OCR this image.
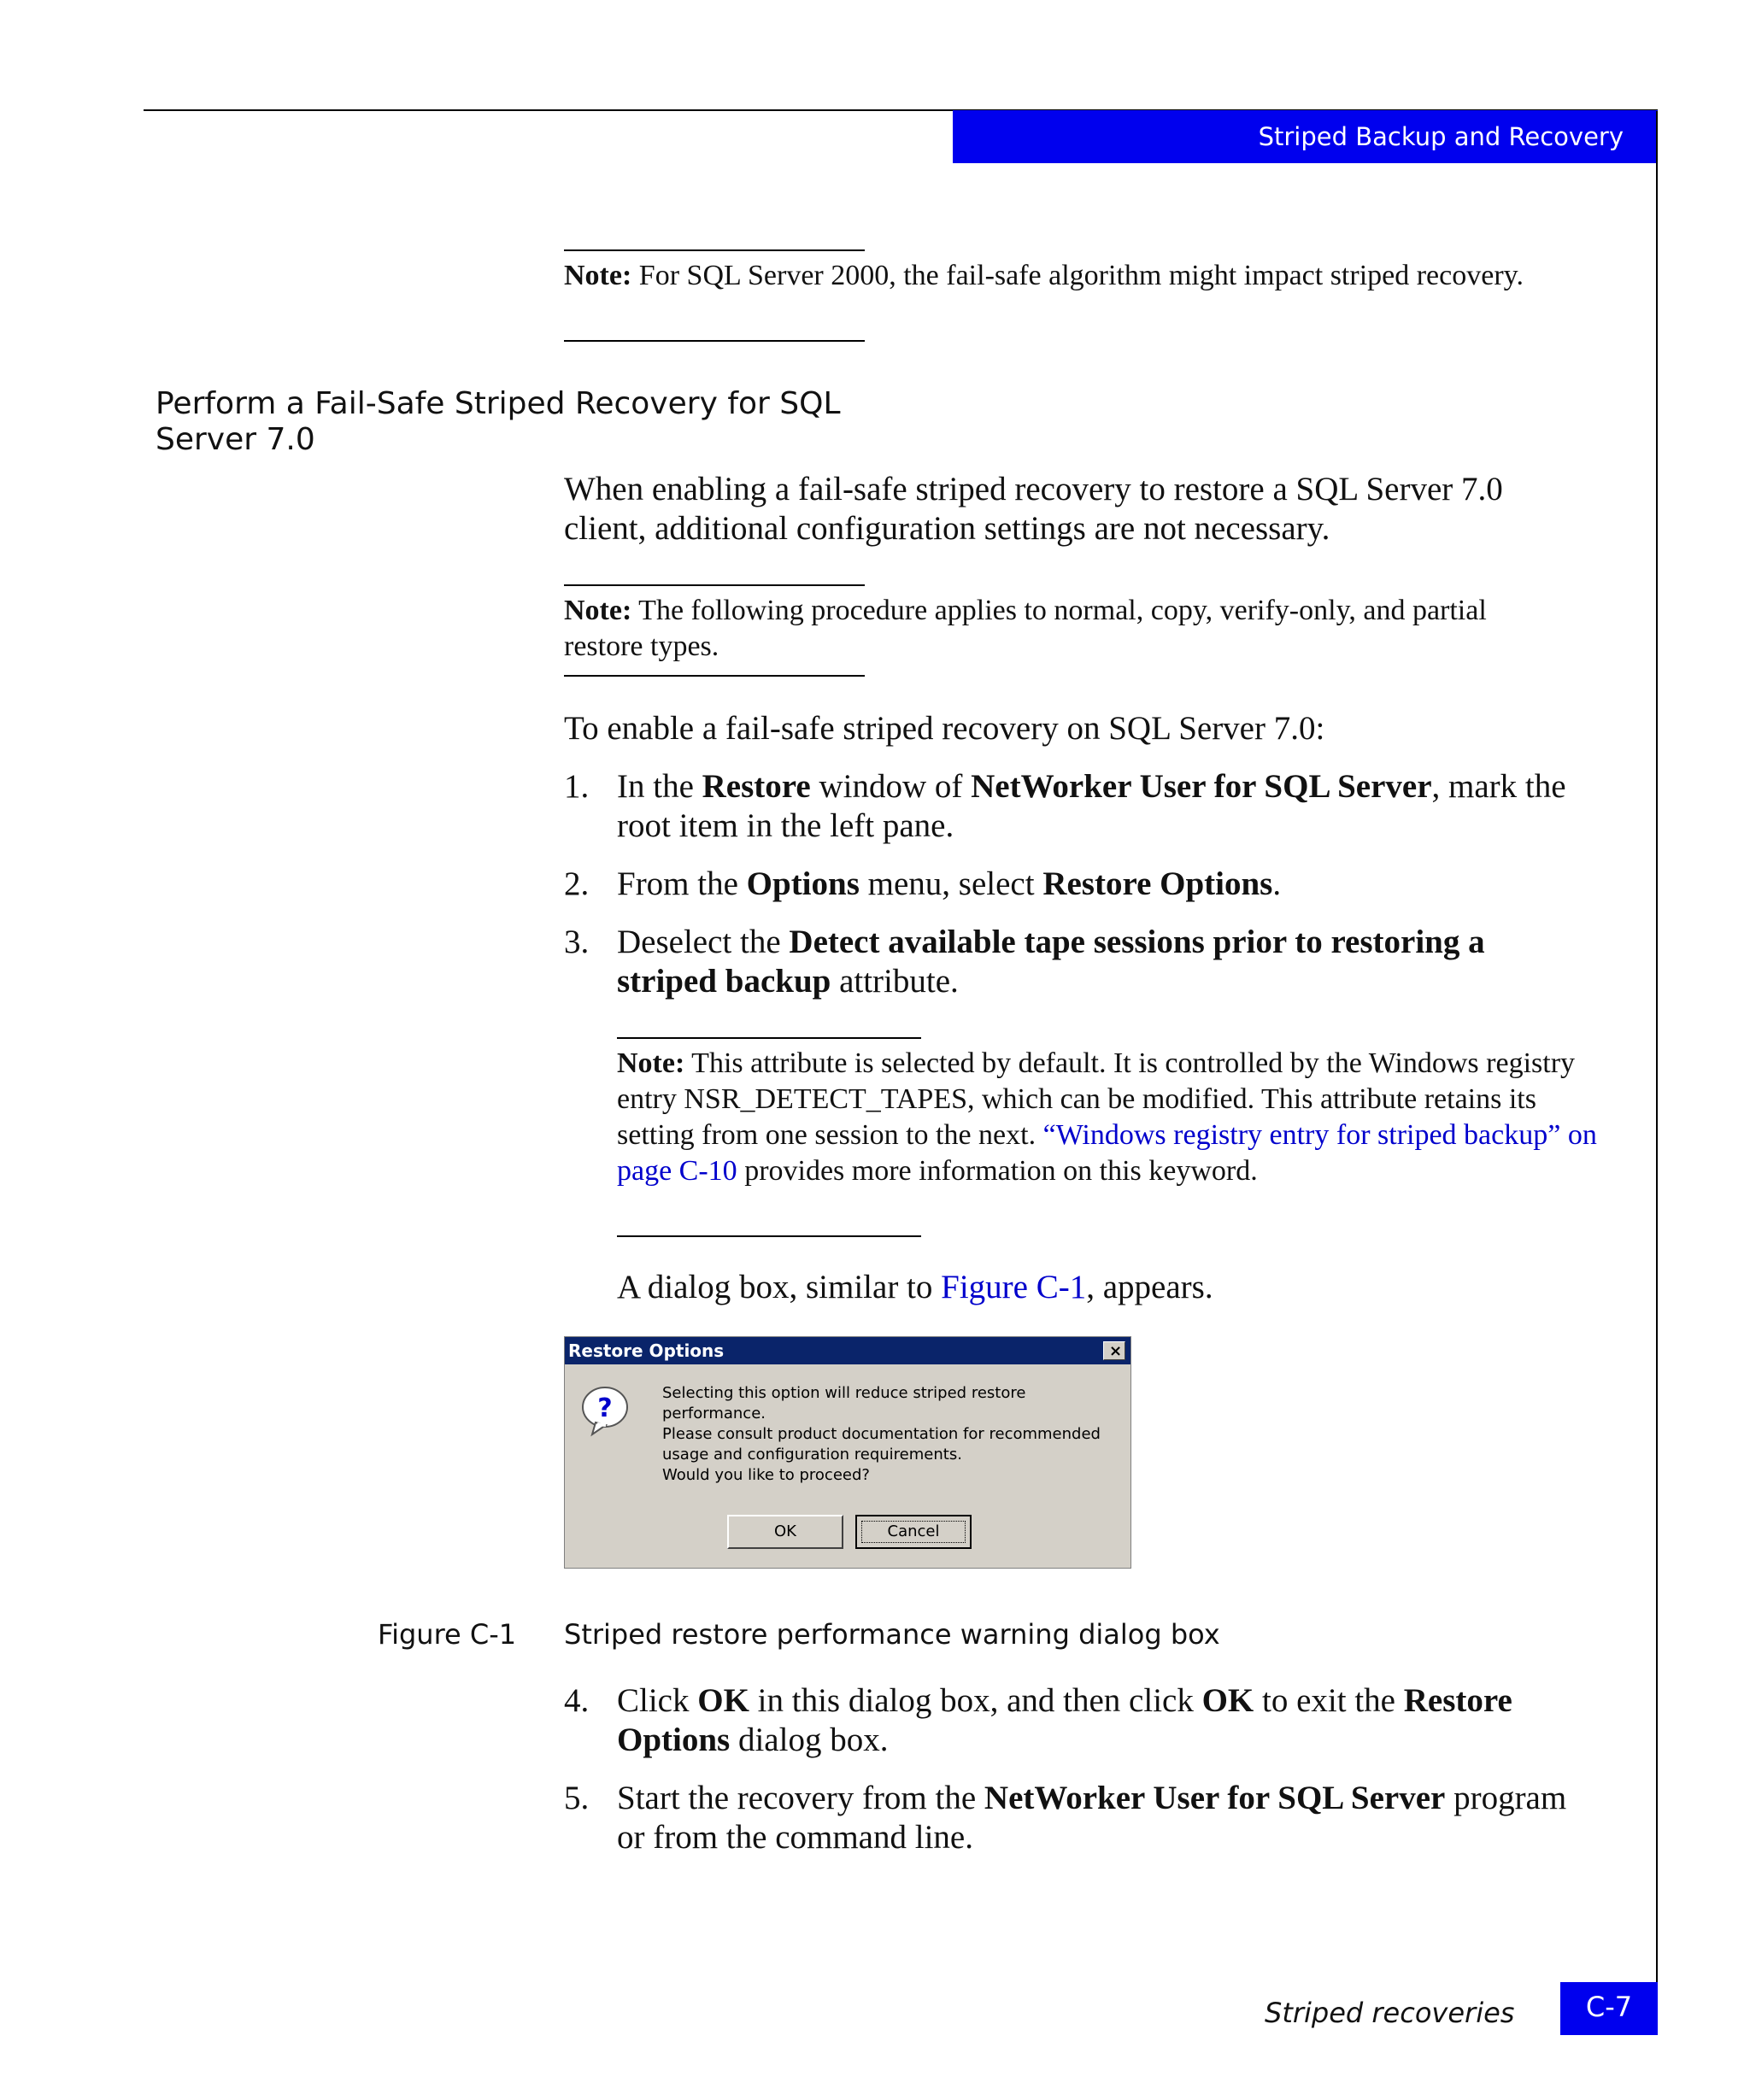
Striped Backup and Recovery
Note: For SQL Server 2000, the fail-safe algorithm might impact striped recovery.
Perform a Fail-Safe Striped Recovery for SQL Server 7.0
When enabling a fail-safe striped recovery to restore a SQL Server 7.0 client, additional configuration settings are not necessary.
Note: The following procedure applies to normal, copy, verify-only, and partial restore types.
To enable a fail-safe striped recovery on SQL Server 7.0:
1. In the Restore window of NetWorker User for SQL Server, mark the root item in the left pane.
2. From the Options menu, select Restore Options.
3. Deselect the Detect available tape sessions prior to restoring a striped backup attribute.
Note: This attribute is selected by default. It is controlled by the Windows registry entry NSR_DETECT_TAPES, which can be modified. This attribute retains its setting from one session to the next. “Windows registry entry for striped backup” on page C-10 provides more information on this keyword.
A dialog box, similar to Figure C-1, appears.
Restore Options	×
?
Selecting this option will reduce striped restore performance.
Please consult product documentation for recommended
usage and configuration requirements.
Would you like to proceed?
OK	Cancel
Figure C-1 Striped restore performance warning dialog box
4. Click OK in this dialog box, and then click OK to exit the Restore Options dialog box.
5. Start the recovery from the NetWorker User for SQL Server program or from the command line.
Striped recoveries	C-7
